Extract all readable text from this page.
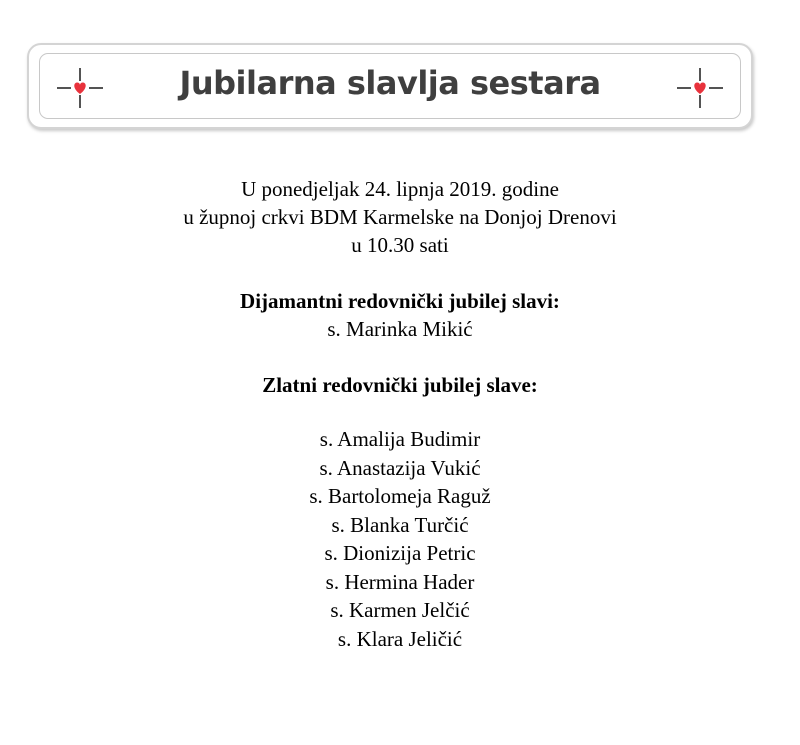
Jubilarna slavlja sestara

U ponedjeljak 24. lipnja 2019. godine

u župnoj crkvi BDM Karmelske na Donjoj Drenovi

u 10.30 sati

Dijamantni redovnički jubilej slavi:

s. Marinka Mikić

Zlatni redovnički jubilej slave:

s. Amalija Budimir

s. Anastazija Vukić

s. Bartolomeja Raguž

s. Blanka Turčić

s. Dionizija Petric

s. Hermina Hader

s. Karmen Jelčić

s. Klara Jeličić
